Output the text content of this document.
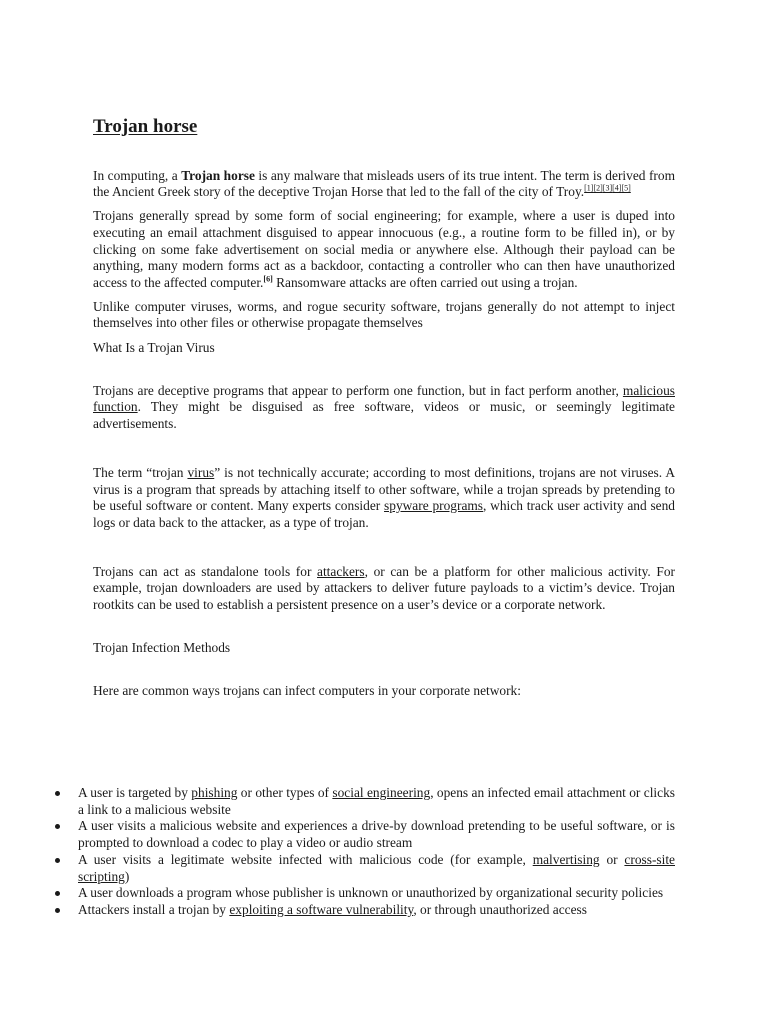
Trojan horse

In computing, a Trojan horse is any malware that misleads users of its true intent. The term is derived from the Ancient Greek story of the deceptive Trojan Horse that led to the fall of the city of Troy.[1][2][3][4][5]

Trojans generally spread by some form of social engineering; for example, where a user is duped into executing an email attachment disguised to appear innocuous (e.g., a routine form to be filled in), or by clicking on some fake advertisement on social media or anywhere else. Although their payload can be anything, many modern forms act as a backdoor, contacting a controller who can then have unauthorized access to the affected computer.[6] Ransomware attacks are often carried out using a trojan.

Unlike computer viruses, worms, and rogue security software, trojans generally do not attempt to inject themselves into other files or otherwise propagate themselves

What Is a Trojan Virus

Trojans are deceptive programs that appear to perform one function, but in fact perform another, malicious function. They might be disguised as free software, videos or music, or seemingly legitimate advertisements.

The term “trojan virus” is not technically accurate; according to most definitions, trojans are not viruses. A virus is a program that spreads by attaching itself to other software, while a trojan spreads by pretending to be useful software or content. Many experts consider spyware programs, which track user activity and send logs or data back to the attacker, as a type of trojan.

Trojans can act as standalone tools for attackers, or can be a platform for other malicious activity. For example, trojan downloaders are used by attackers to deliver future payloads to a victim’s device. Trojan rootkits can be used to establish a persistent presence on a user’s device or a corporate network.

Trojan Infection Methods

Here are common ways trojans can infect computers in your corporate network:

A user is targeted by phishing or other types of social engineering, opens an infected email attachment or clicks a link to a malicious website
A user visits a malicious website and experiences a drive-by download pretending to be useful software, or is prompted to download a codec to play a video or audio stream
A user visits a legitimate website infected with malicious code (for example, malvertising or cross-site scripting)
A user downloads a program whose publisher is unknown or unauthorized by organizational security policies
Attackers install a trojan by exploiting a software vulnerability, or through unauthorized access
